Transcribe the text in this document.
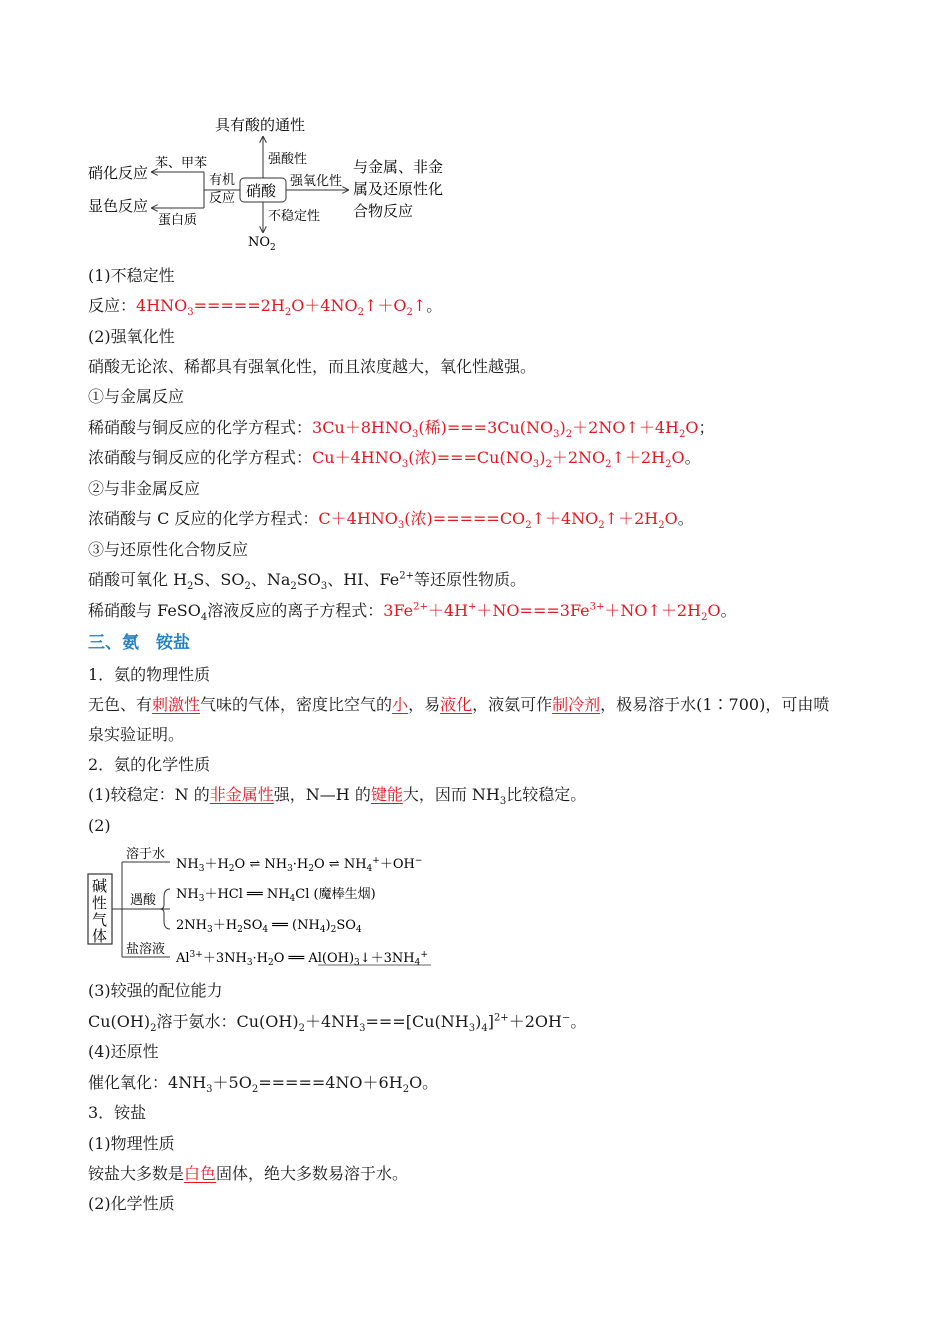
具有酸的通性
强酸性
硝酸
强氧化性
与金属、非金
属及还原性化
合物反应
不稳定性
$NO_2$
有机
反应
苯、甲苯
蛋白质
硝化反应
显色反应
(1)不稳定性
反应：$4HNO_3=====2H_2O+4NO_2↑+O_2↑$。
(2)强氧化性
硝酸无论浓、稀都具有强氧化性，而且浓度越大，氧化性越强。
①与金属反应
稀硝酸与铜反应的化学方程式：$3Cu+8HNO_3$(稀)$===3Cu(NO_3)_2+2NO↑+4H_2O$；
浓硝酸与铜反应的化学方程式：$Cu+4HNO_3$(浓)$===Cu(NO_3)_2+2NO_2↑+2H_2O$。
②与非金属反应
浓硝酸与 C 反应的化学方程式：$C+4HNO_3$(浓)$=====CO_2↑+4NO_2↑+2H_2O$。
③与还原性化合物反应
硝酸可氧化 $H_2S$、$SO_2$、$Na_2SO_3$、HI、$Fe^{2+}$等还原性物质。
稀硝酸与 FeSO$_4$溶液反应的离子方程式：$3Fe^{2+}+4H^++NO===3Fe^{3+}+NO↑+2H_2O$。
三、氨　铵盐
1．氨的物理性质
无色、有刺激性气味的气体，密度比空气的小，易液化，液氨可作制冷剂，极易溶于水(1∶700)，可由喷
泉实验证明。
2．氨的化学性质
(1)较稳定：N 的非金属性强，N—H 的键能大，因而 $NH_3$比较稳定。
(2)
碱
性
气
体
溶于水
遇酸
盐溶液
$NH_3+H_2O$ ⇌ $NH_3\cdot H_2O$ ⇌ $NH_4^++OH^-$
$NH_3+HCl$ ══ $NH_4Cl$ (魔棒生烟)
$2NH_3+H_2SO_4$ ══ $(NH_4)_2SO_4$
$Al^{3+}+3NH_3\cdot H_2O$ ══ $Al(OH)_3↓+3NH_4^+$
(3)较强的配位能力
$Cu(OH)_2$溶于氨水：$Cu(OH)_2+4NH_3===[Cu(NH_3)_4]^{2+}+2OH^-$。
(4)还原性
催化氧化：$4NH_3+5O_2=====4NO+6H_2O$。
3．铵盐
(1)物理性质
铵盐大多数是白色固体，绝大多数易溶于水。
(2)化学性质
